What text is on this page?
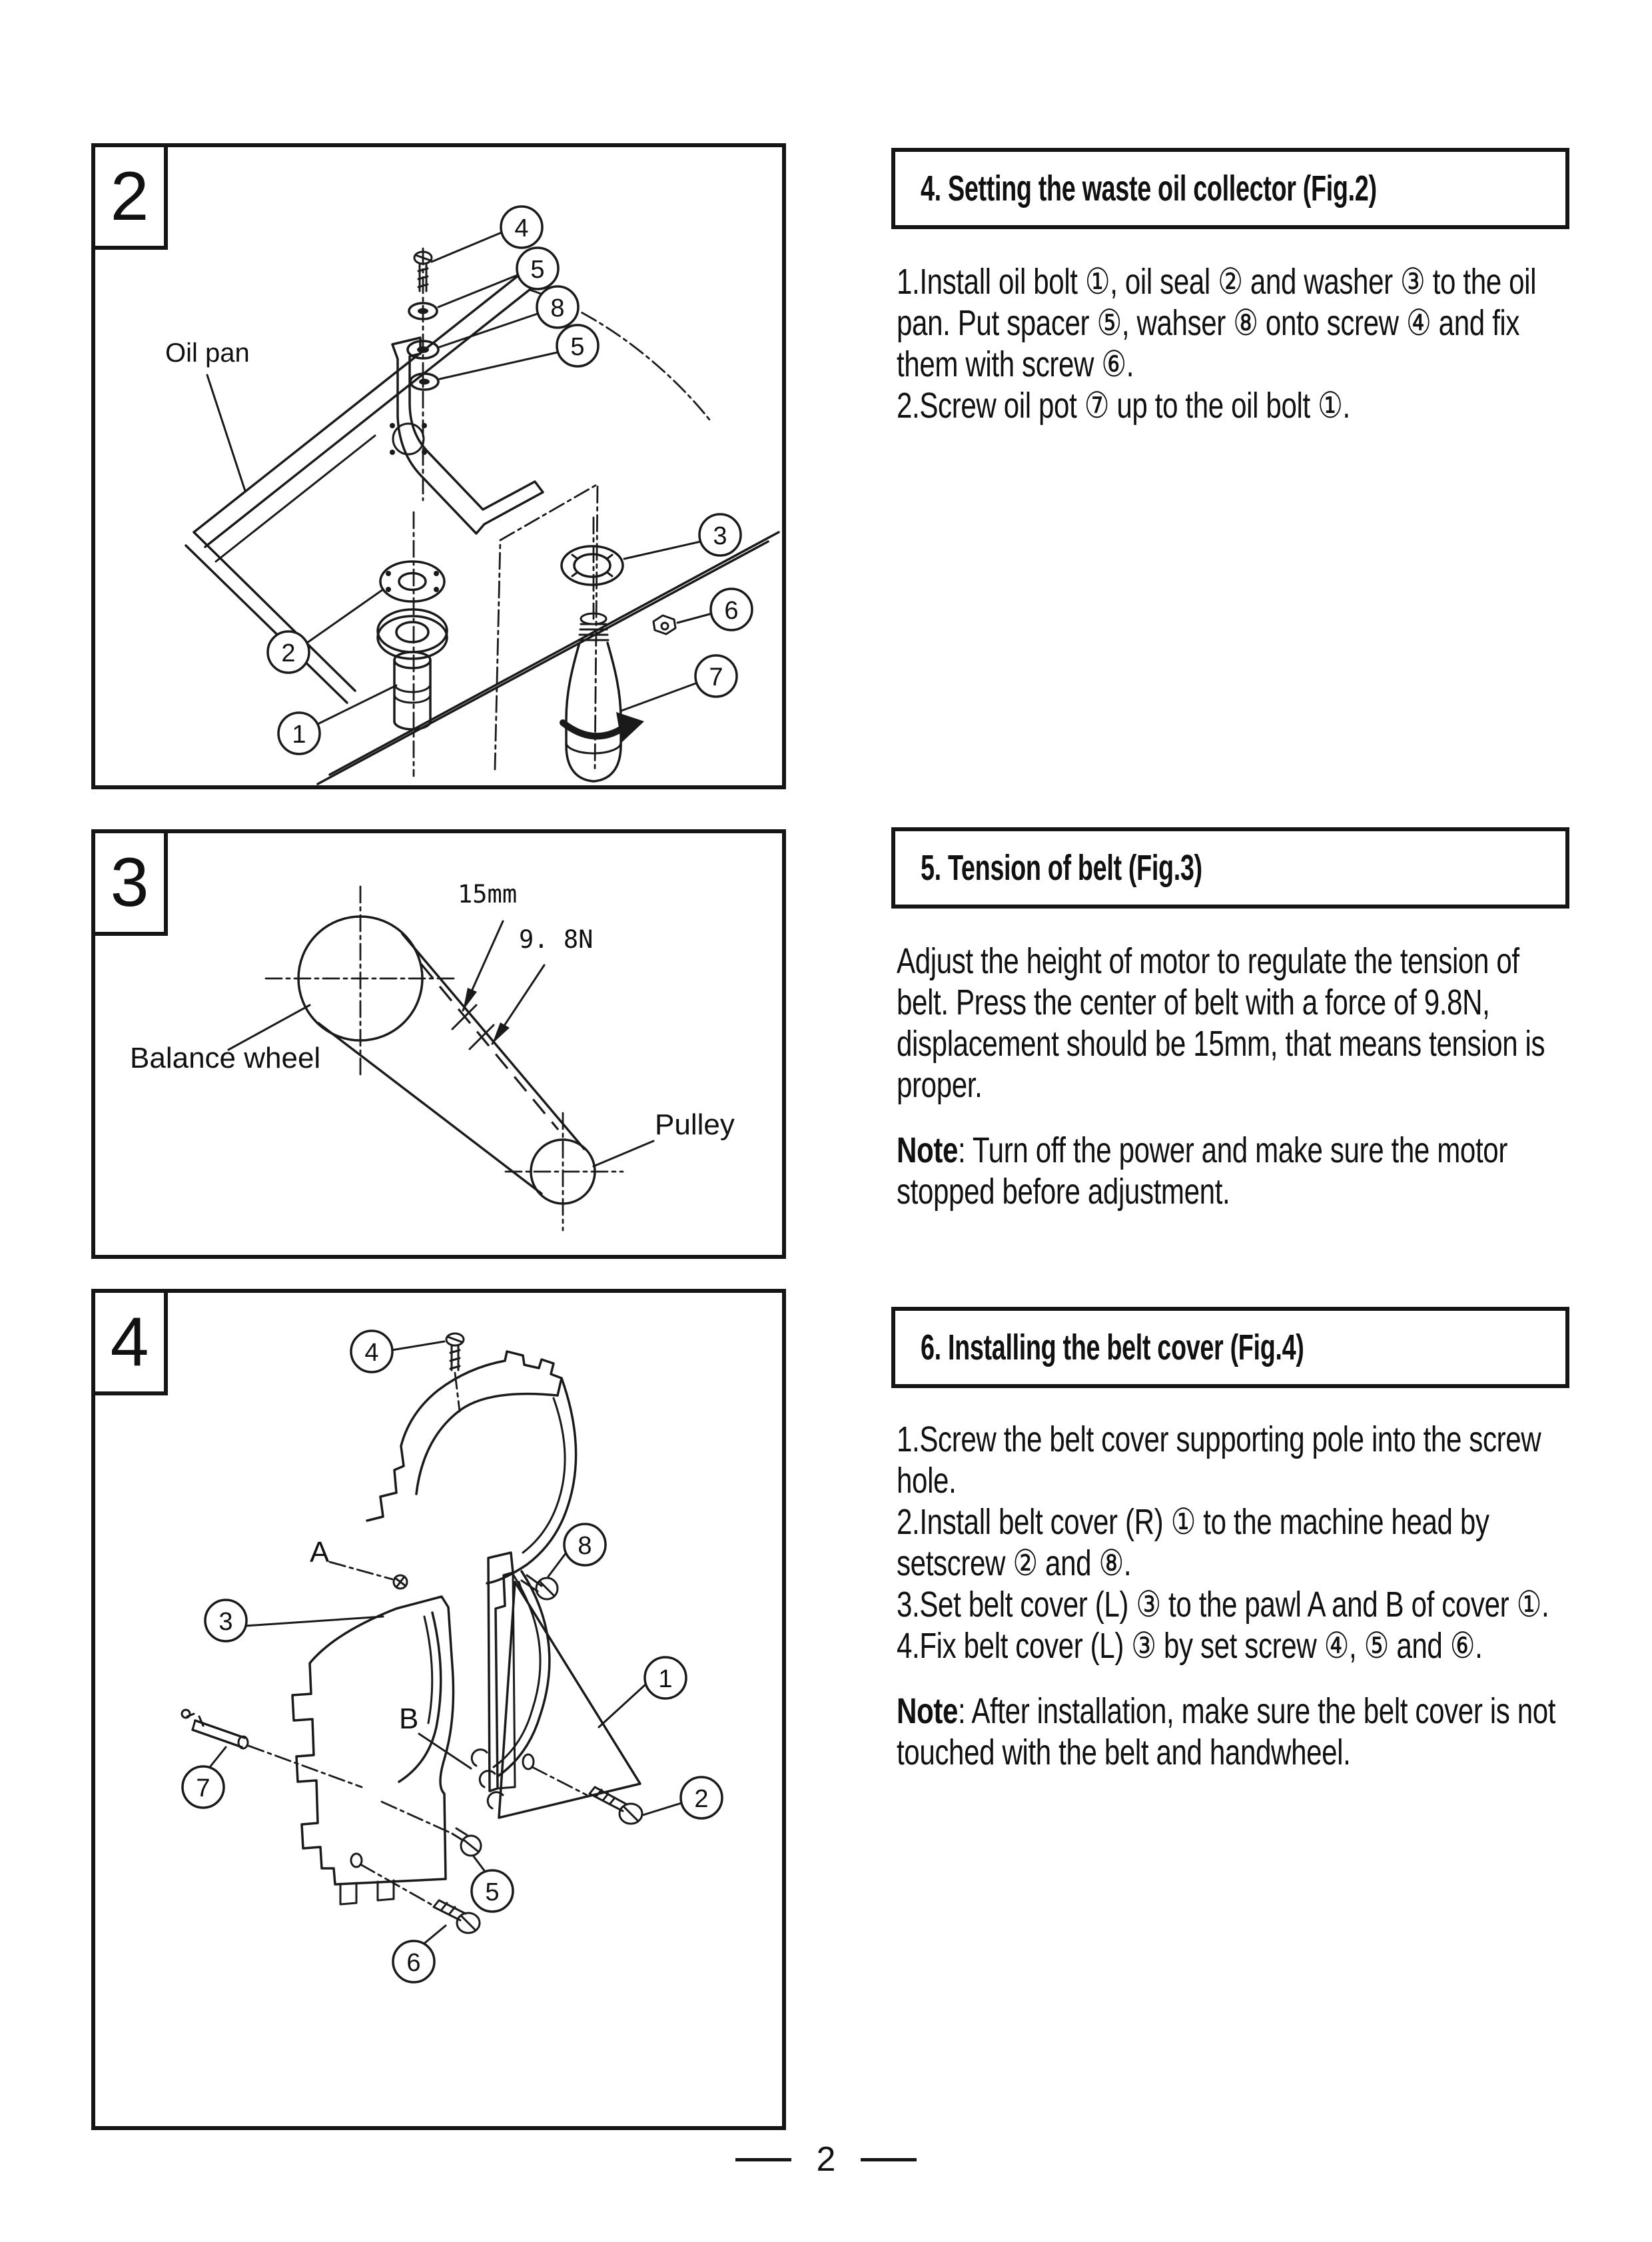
2
Oil pan
4
5
8
5
3
6
7
2
1
3	15mm
9. 8N
Balance wheel
Pulley
4	4
A	8
1
3
7
B
2
5
6
4. Setting the waste oil collector (Fig.2)

1.Install oil bolt ①, oil seal ② and washer ③ to the oil pan. Put spacer ⑤, wahser ⑧ onto screw ④ and fix them with screw ⑥.

2.Screw oil pot ⑦ up to the oil bolt ①.

5. Tension of belt (Fig.3)

Adjust the height of motor to regulate the tension of belt. Press the center of belt with a force of 9.8N, displacement should be 15mm, that means tension is proper.

Note: Turn off the power and make sure the motor stopped before adjustment.

6. Installing the belt cover (Fig.4)

1.Screw the belt cover supporting pole into the screw hole.

2.Install belt cover (R) ① to the machine head by setscrew ② and ⑧.

3.Set belt cover (L) ③ to the pawl A and B of cover ①.

4.Fix belt cover (L) ③ by set screw ④, ⑤ and ⑥.

Note: After installation, make sure the belt cover is not touched with the belt and handwheel.

2
